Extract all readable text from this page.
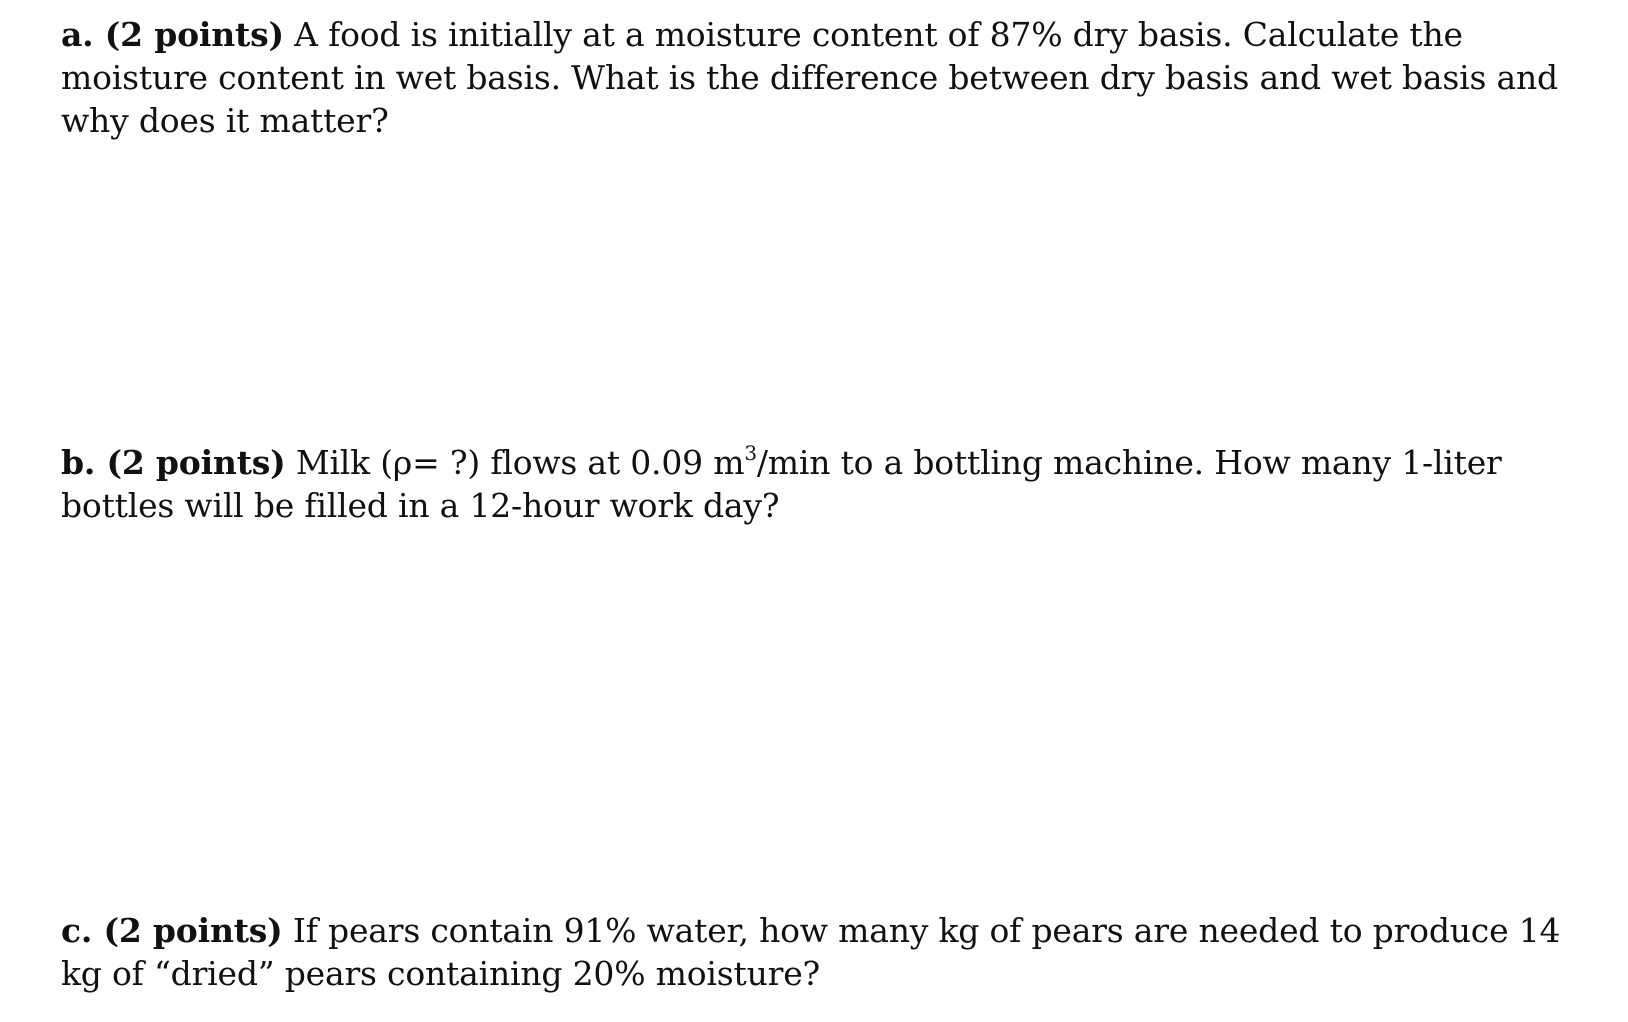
a. (2 points) A food is initially at a moisture content of 87% dry basis. Calculate the moisture content in wet basis. What is the difference between dry basis and wet basis and why does it matter?
b. (2 points) Milk (ρ= ?) flows at 0.09 $m^3/\min$ to a bottling machine. How many 1-liter bottles will be filled in a 12-hour work day?
c. (2 points) If pears contain 91% water, how many kg of pears are needed to produce 14 kg of “dried” pears containing 20% moisture?
